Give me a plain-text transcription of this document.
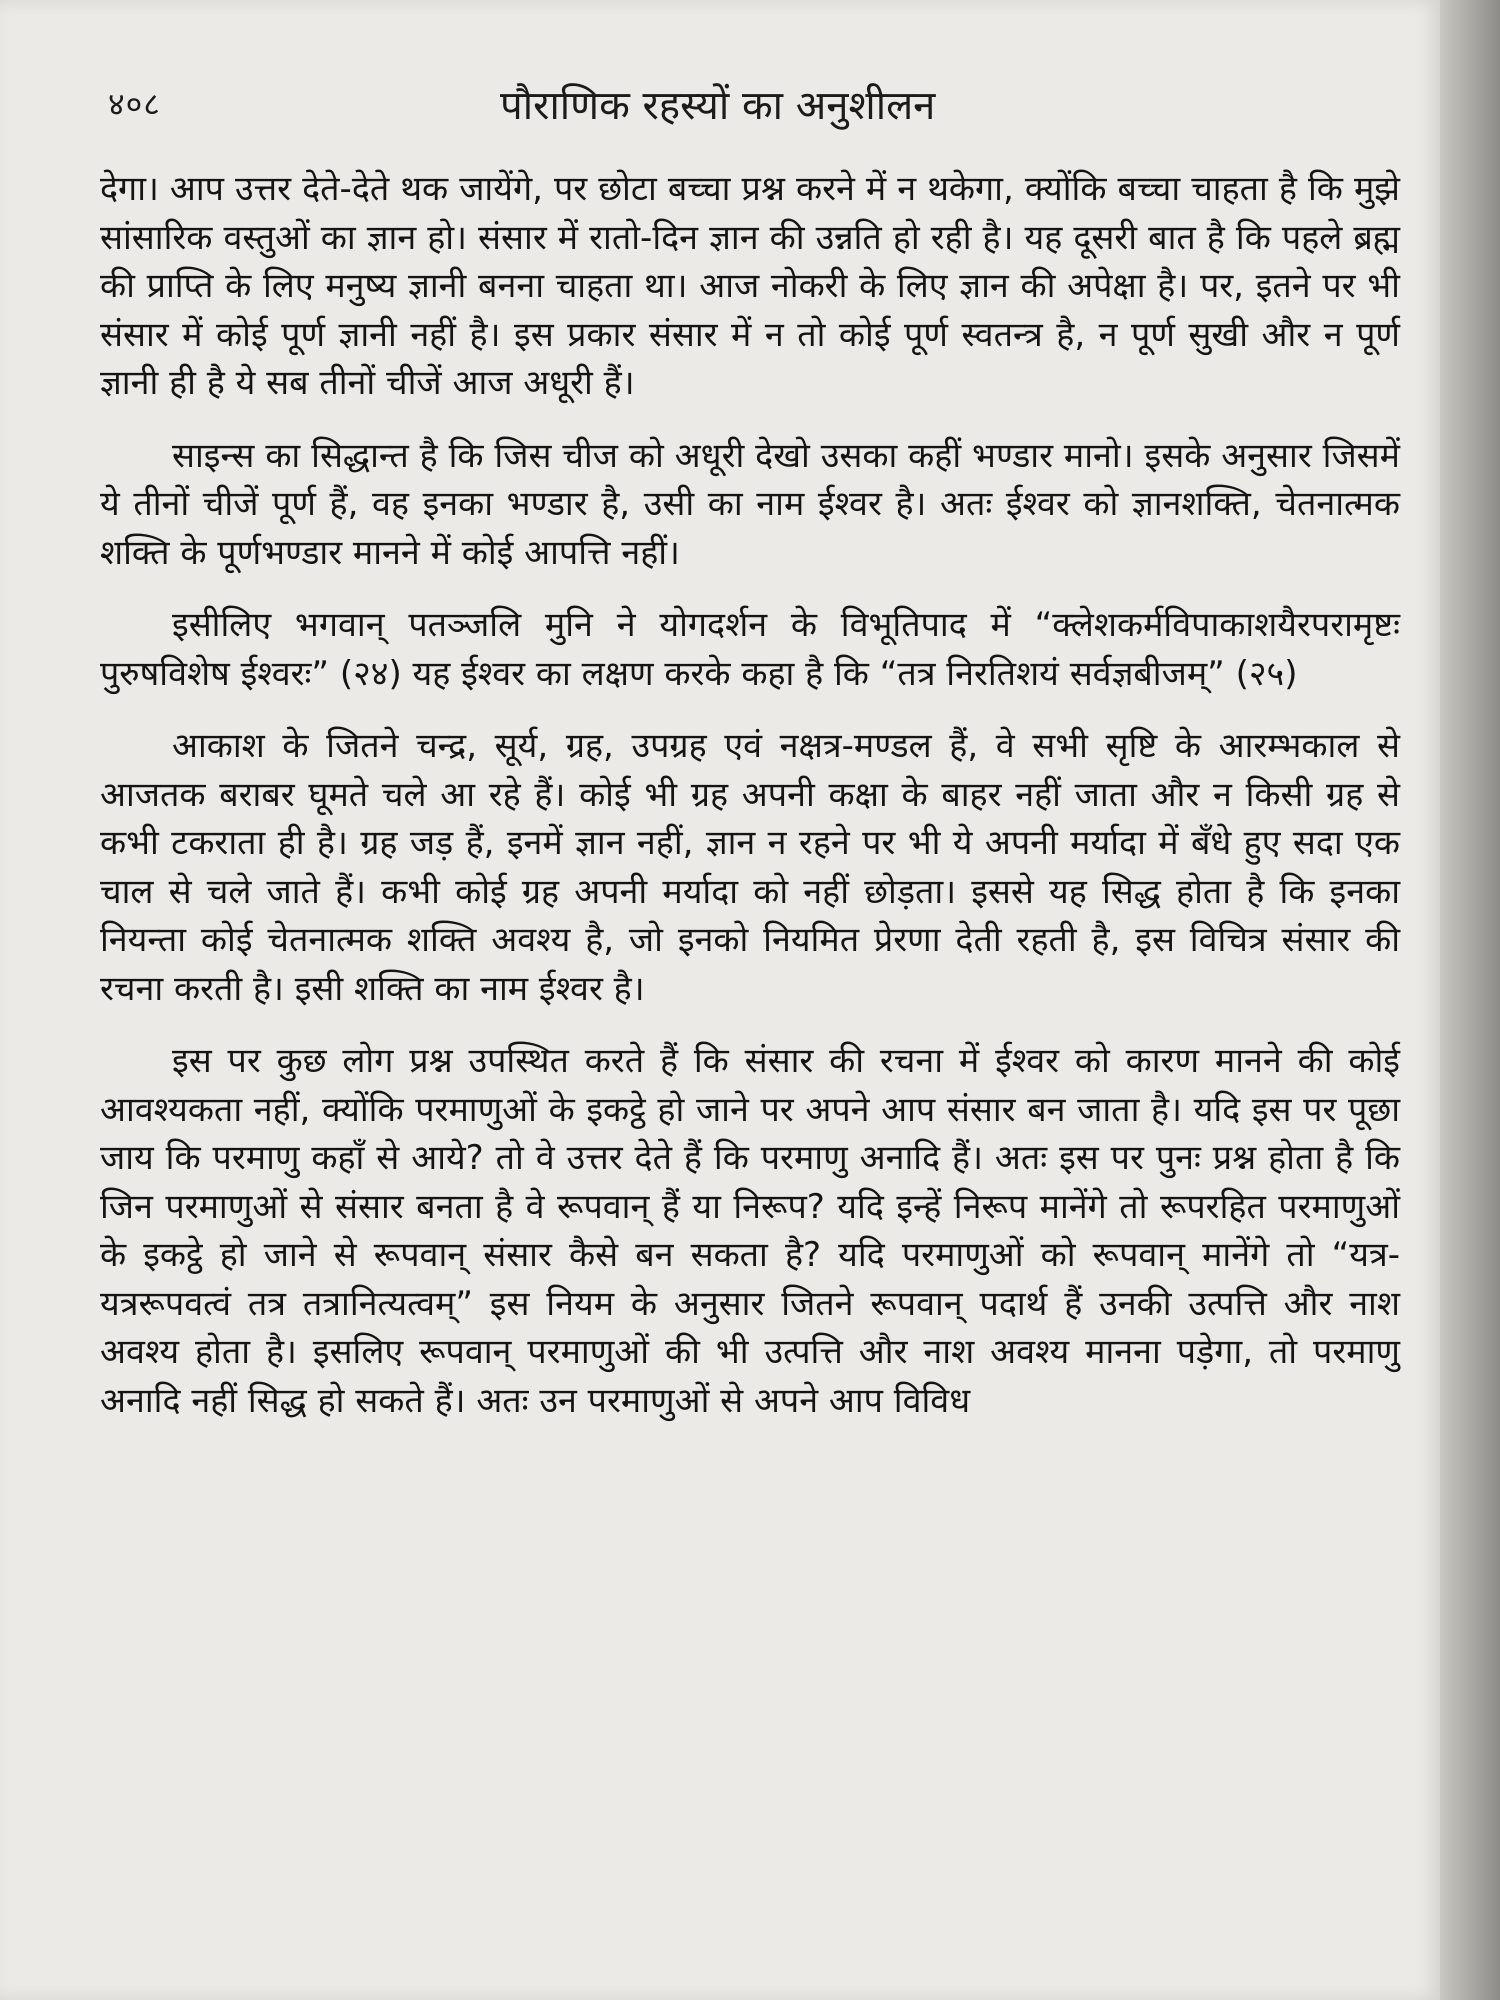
४०८	पौराणिक रहस्यों का अनुशीलन

देगा। आप उत्तर देते-देते थक जायेंगे, पर छोटा बच्चा प्रश्न करने में न थकेगा, क्योंकि बच्चा चाहता है कि मुझे सांसारिक वस्तुओं का ज्ञान हो। संसार में रातो-दिन ज्ञान की उन्नति हो रही है। यह दूसरी बात है कि पहले ब्रह्म की प्राप्ति के लिए मनुष्य ज्ञानी बनना चाहता था। आज नोकरी के लिए ज्ञान की अपेक्षा है। पर, इतने पर भी संसार में कोई पूर्ण ज्ञानी नहीं है। इस प्रकार संसार में न तो कोई पूर्ण स्वतन्त्र है, न पूर्ण सुखी और न पूर्ण ज्ञानी ही है ये सब तीनों चीजें आज अधूरी हैं।

साइन्स का सिद्धान्त है कि जिस चीज को अधूरी देखो उसका कहीं भण्डार मानो। इसके अनुसार जिसमें ये तीनों चीजें पूर्ण हैं, वह इनका भण्डार है, उसी का नाम ईश्वर है। अतः ईश्वर को ज्ञानशक्ति, चेतनात्मक शक्ति के पूर्णभण्डार मानने में कोई आपत्ति नहीं।

इसीलिए भगवान् पतञ्जलि मुनि ने योगदर्शन के विभूतिपाद में “क्लेशकर्मविपाकाशयैरपरामृष्टः पुरुषविशेष ईश्वरः” (२४) यह ईश्वर का लक्षण करके कहा है कि “तत्र निरतिशयं सर्वज्ञबीजम्” (२५)

आकाश के जितने चन्द्र, सूर्य, ग्रह, उपग्रह एवं नक्षत्र-मण्डल हैं, वे सभी सृष्टि के आरम्भकाल से आजतक बराबर घूमते चले आ रहे हैं। कोई भी ग्रह अपनी कक्षा के बाहर नहीं जाता और न किसी ग्रह से कभी टकराता ही है। ग्रह जड़ हैं, इनमें ज्ञान नहीं, ज्ञान न रहने पर भी ये अपनी मर्यादा में बँधे हुए सदा एक चाल से चले जाते हैं। कभी कोई ग्रह अपनी मर्यादा को नहीं छोड़ता। इससे यह सिद्ध होता है कि इनका नियन्ता कोई चेतनात्मक शक्ति अवश्य है, जो इनको नियमित प्रेरणा देती रहती है, इस विचित्र संसार की रचना करती है। इसी शक्ति का नाम ईश्वर है।

इस पर कुछ लोग प्रश्न उपस्थित करते हैं कि संसार की रचना में ईश्वर को कारण मानने की कोई आवश्यकता नहीं, क्योंकि परमाणुओं के इकट्ठे हो जाने पर अपने आप संसार बन जाता है। यदि इस पर पूछा जाय कि परमाणु कहाँ से आये? तो वे उत्तर देते हैं कि परमाणु अनादि हैं। अतः इस पर पुनः प्रश्न होता है कि जिन परमाणुओं से संसार बनता है वे रूपवान् हैं या निरूप? यदि इन्हें निरूप मानेंगे तो रूपरहित परमाणुओं के इकट्ठे हो जाने से रूपवान् संसार कैसे बन सकता है? यदि परमाणुओं को रूपवान् मानेंगे तो “यत्र-यत्ररूपवत्वं तत्र तत्रानित्यत्वम्” इस नियम के अनुसार जितने रूपवान् पदार्थ हैं उनकी उत्पत्ति और नाश अवश्य होता है। इसलिए रूपवान् परमाणुओं की भी उत्पत्ति और नाश अवश्य मानना पड़ेगा, तो परमाणु अनादि नहीं सिद्ध हो सकते हैं। अतः उन परमाणुओं से अपने आप विविध
